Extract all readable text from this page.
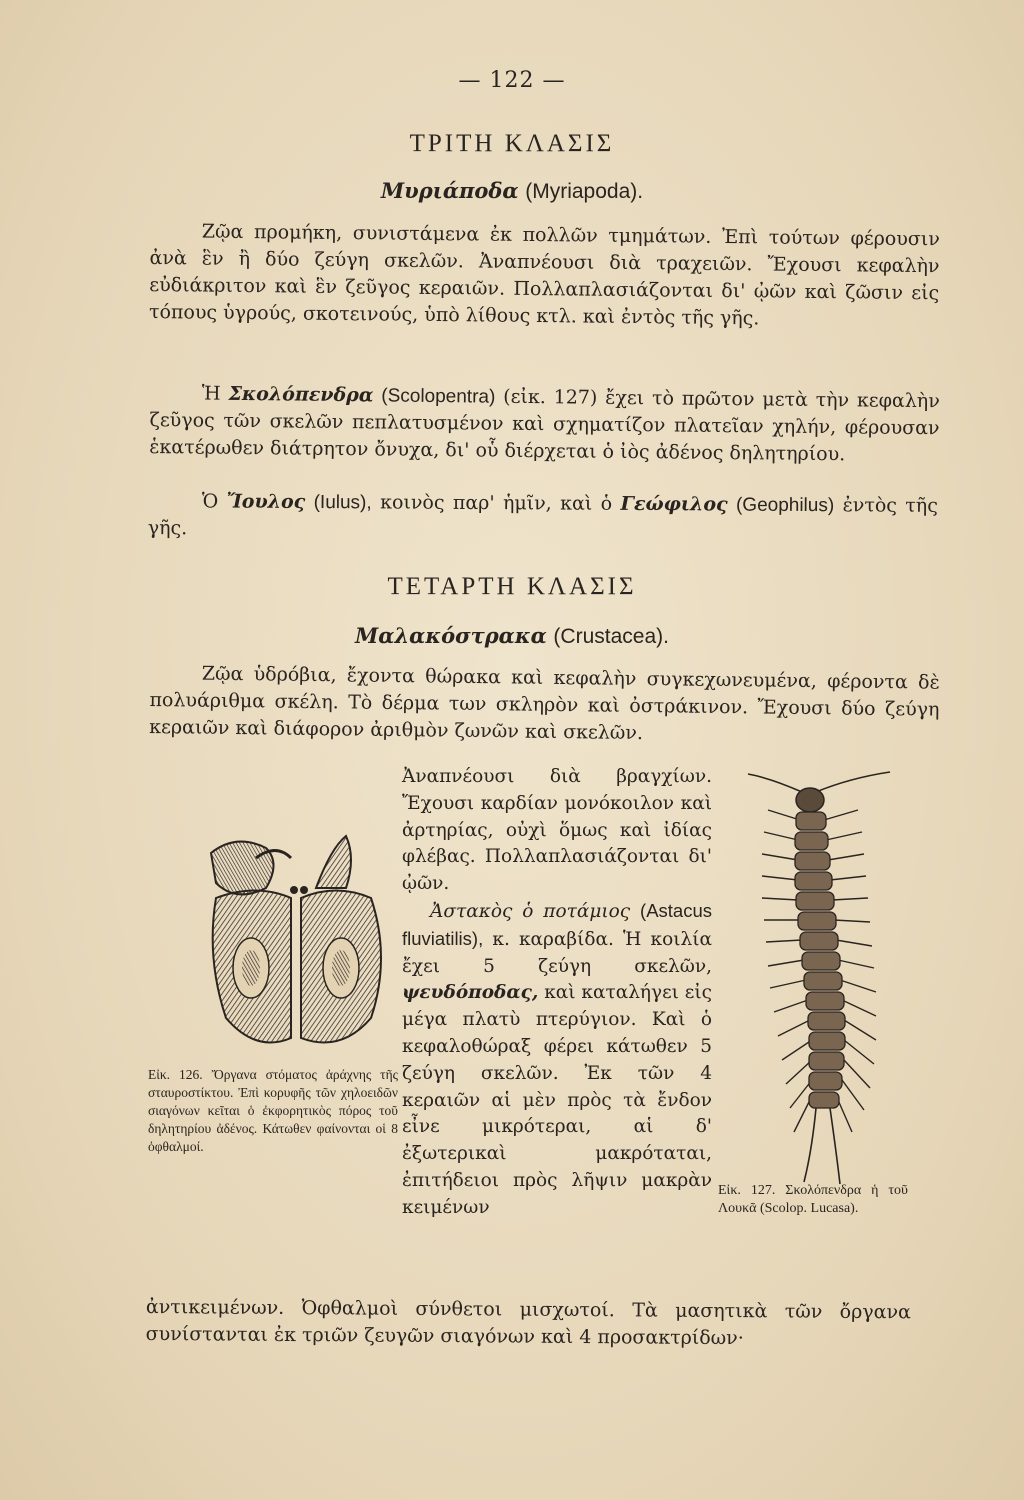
— 122 —
ΤΡΙΤΗ ΚΛΑΣΙΣ
Μυριάποδα (Myriapoda).
Ζῷα προμήκη, συνιστάμενα ἐκ πολλῶν τμημάτων. Ἐπὶ τούτων φέρουσιν ἀνὰ ἓν ἢ δύο ζεύγη σκελῶν. Ἀναπνέουσι διὰ τραχειῶν. Ἔχουσι κεφαλὴν εὐδιάκριτον καὶ ἓν ζεῦγος κεραιῶν. Πολλαπλασιάζονται δι' ᾠῶν καὶ ζῶσιν εἰς τόπους ὑγρούς, σκοτεινούς, ὑπὸ λίθους κτλ. καὶ ἐντὸς τῆς γῆς.
Ἡ Σκολόπενδρα (Scolopentra) (εἰκ. 127) ἔχει τὸ πρῶτον μετὰ τὴν κεφαλὴν ζεῦγος τῶν σκελῶν πεπλατυσμένον καὶ σχηματίζον πλατεῖαν χηλήν, φέρουσαν ἑκατέρωθεν διάτρητον ὄνυχα, δι' οὗ διέρχεται ὁ ἰὸς ἀδένος δηλητηρίου.
Ὁ Ἴουλος (Iulus), κοινὸς παρ' ἡμῖν, καὶ ὁ Γεώφιλος (Geophilus) ἐντὸς τῆς γῆς.
ΤΕΤΑΡΤΗ ΚΛΑΣΙΣ
Μαλακόστρακα (Crustacea).
Ζῷα ὑδρόβια, ἔχοντα θώρακα καὶ κεφαλὴν συγκεχωνευμένα, φέροντα δὲ πολυάριθμα σκέλη. Τὸ δέρμα των σκληρὸν καὶ ὀστράκινον. Ἔχουσι δύο ζεύγη κεραιῶν καὶ διάφορον ἀριθμὸν ζωνῶν καὶ σκελῶν.
Ἀναπνέουσι διὰ βραγχίων. Ἔχουσι καρδίαν μονόκοιλον καὶ ἀρτηρίας, οὐχὶ ὅμως καὶ ἰδίας φλέβας. Πολλαπλασιάζονται δι' ᾠῶν.
Ἀστακὸς ὁ ποτάμιος (Astacus fluviatilis), κ. καραβίδα. Ἡ κοιλία ἔχει 5 ζεύγη σκελῶν, ψευδόποδας, καὶ καταλήγει εἰς μέγα πλατὺ πτερύγιον. Καὶ ὁ κεφαλοθώραξ φέρει κάτωθεν 5 ζεύγη σκελῶν. Ἐκ τῶν 4 κεραιῶν αἱ μὲν πρὸς τὰ ἔνδον εἶνε μικρότεραι, αἱ δ' ἐξωτερικαὶ μακρόταται, ἐπιτήδειοι πρὸς λῆψιν μακρὰν κειμένων
ἀντικειμένων. Ὀφθαλμοὶ σύνθετοι μισχωτοί. Τὰ μασητικὰ τῶν ὄργανα συνίστανται ἐκ τριῶν ζευγῶν σιαγόνων καὶ 4 προσακτρίδων·
Εἰκ. 126. Ὄργανα στόματος ἀράχνης τῆς σταυροστίκτου. Ἐπὶ κορυφῆς τῶν χηλοειδῶν σιαγόνων κεῖται ὁ ἐκφορητικὸς πόρος τοῦ δηλητηρίου ἀδένος. Κάτωθεν φαίνονται οἱ 8 ὀφθαλμοί.
Εἰκ. 127. Σκολόπενδρα ἡ τοῦ Λουκᾶ (Scolop. Lucasa).
